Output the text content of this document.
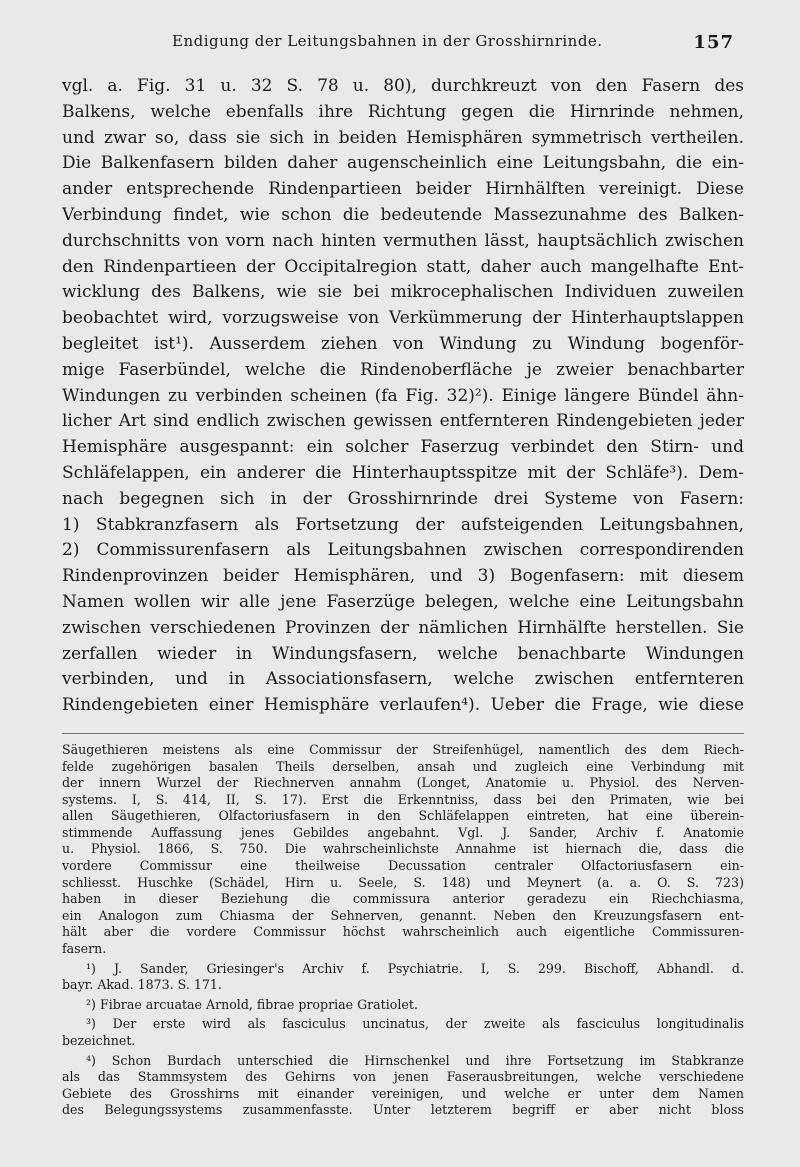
Endigung der Leitungsbahnen in der Grosshirnrinde.	157
vgl. a. Fig. 31 u. 32 S. 78 u. 80), durchkreuzt von den Fasern des
Balkens, welche ebenfalls ihre Richtung gegen die Hirnrinde nehmen,
und zwar so, dass sie sich in beiden Hemisphären symmetrisch vertheilen.
Die Balkenfasern bilden daher augenscheinlich eine Leitungsbahn, die ein-
ander entsprechende Rindenpartieen beider Hirnhälften vereinigt. Diese
Verbindung findet, wie schon die bedeutende Massezunahme des Balken-
durchschnitts von vorn nach hinten vermuthen lässt, hauptsächlich zwischen
den Rindenpartieen der Occipitalregion statt, daher auch mangelhafte Ent-
wicklung des Balkens, wie sie bei mikrocephalischen Individuen zuweilen
beobachtet wird, vorzugsweise von Verkümmerung der Hinterhauptslappen
begleitet ist¹). Ausserdem ziehen von Windung zu Windung bogenför-
mige Faserbündel, welche die Rindenoberfläche je zweier benachbarter
Windungen zu verbinden scheinen (fa Fig. 32)²). Einige längere Bündel ähn-
licher Art sind endlich zwischen gewissen entfernteren Rindengebieten jeder
Hemisphäre ausgespannt: ein solcher Faserzug verbindet den Stirn- und
Schläfelappen, ein anderer die Hinterhauptsspitze mit der Schläfe³). Dem-
nach begegnen sich in der Grosshirnrinde drei Systeme von Fasern:
1) Stabkranzfasern als Fortsetzung der aufsteigenden Leitungsbahnen,
2) Commissurenfasern als Leitungsbahnen zwischen correspondirenden
Rindenprovinzen beider Hemisphären, und 3) Bogenfasern: mit diesem
Namen wollen wir alle jene Faserzüge belegen, welche eine Leitungsbahn
zwischen verschiedenen Provinzen der nämlichen Hirnhälfte herstellen. Sie
zerfallen wieder in Windungsfasern, welche benachbarte Windungen
verbinden, und in Associationsfasern, welche zwischen entfernteren
Rindengebieten einer Hemisphäre verlaufen⁴). Ueber die Frage, wie diese
Säugethieren meistens als eine Commissur der Streifenhügel, namentlich des dem Riech-
felde zugehörigen basalen Theils derselben, ansah und zugleich eine Verbindung mit
der innern Wurzel der Riechnerven annahm (Longet, Anatomie u. Physiol. des Nerven-
systems. I, S. 414, II, S. 17). Erst die Erkenntniss, dass bei den Primaten, wie bei
allen Säugethieren, Olfactoriusfasern in den Schläfelappen eintreten, hat eine überein-
stimmende Auffassung jenes Gebildes angebahnt. Vgl. J. Sander, Archiv f. Anatomie
u. Physiol. 1866, S. 750. Die wahrscheinlichste Annahme ist hiernach die, dass die
vordere Commissur eine theilweise Decussation centraler Olfactoriusfasern ein-
schliesst. Huschke (Schädel, Hirn u. Seele, S. 148) und Meynert (a. a. O. S. 723)
haben in dieser Beziehung die commissura anterior geradezu ein Riechchiasma,
ein Analogon zum Chiasma der Sehnerven, genannt. Neben den Kreuzungsfasern ent-
hält aber die vordere Commissur höchst wahrscheinlich auch eigentliche Commissuren-
fasern.
¹) J. Sander, Griesinger's Archiv f. Psychiatrie. I, S. 299. Bischoff, Abhandl. d.
bayr. Akad. 1873. S. 171.
²) Fibrae arcuatae Arnold, fibrae propriae Gratiolet.
³) Der erste wird als fasciculus uncinatus, der zweite als fasciculus longitudinalis
bezeichnet.
⁴) Schon Burdach unterschied die Hirnschenkel und ihre Fortsetzung im Stabkranze
als das Stammsystem des Gehirns von jenen Faserausbreitungen, welche verschiedene
Gebiete des Grosshirns mit einander vereinigen, und welche er unter dem Namen
des Belegungssystems zusammenfasste. Unter letzterem begriff er aber nicht bloss
